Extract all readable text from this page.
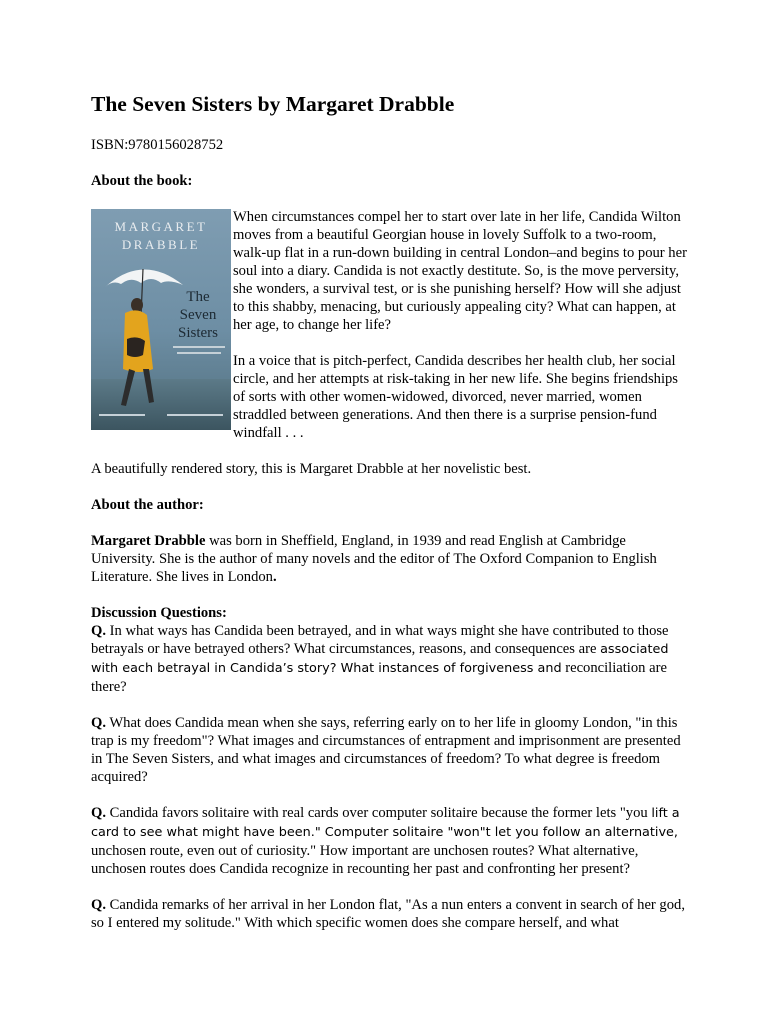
The Seven Sisters by Margaret Drabble

ISBN:9780156028752

About the book:

MARGARET
DRABBLE
The
Seven
Sisters

When circumstances compel her to start over late in her life, Candida Wilton moves from a beautiful Georgian house in lovely Suffolk to a two-room, walk-up flat in a run-down building in central London–and begins to pour her soul into a diary. Candida is not exactly destitute. So, is the move perversity, she wonders, a survival test, or is she punishing herself? How will she adjust to this shabby, menacing, but curiously appealing city? What can happen, at her age, to change her life?

In a voice that is pitch-perfect, Candida describes her health club, her social circle, and her attempts at risk-taking in her new life. She begins friendships of sorts with other women-widowed, divorced, never married, women straddled between generations. And then there is a surprise pension-fund windfall . . .

A beautifully rendered story, this is Margaret Drabble at her novelistic best.

About the author:

Margaret Drabble was born in Sheffield, England, in 1939 and read English at Cambridge University. She is the author of many novels and the editor of The Oxford Companion to English Literature. She lives in London.

Discussion Questions:

Q. In what ways has Candida been betrayed, and in what ways might she have contributed to those betrayals or have betrayed others? What circumstances, reasons, and consequences are associated with each betrayal in Candida’s story? What instances of forgiveness and reconciliation are there?

Q. What does Candida mean when she says, referring early on to her life in gloomy London, "in this trap is my freedom"? What images and circumstances of entrapment and imprisonment are presented in The Seven Sisters, and what images and circumstances of freedom? To what degree is freedom acquired?

Q. Candida favors solitaire with real cards over computer solitaire because the former lets "you lift a card to see what might have been." Computer solitaire "won"t let you follow an alternative, unchosen route, even out of curiosity." How important are unchosen routes? What alternative, unchosen routes does Candida recognize in recounting her past and confronting her present?

Q. Candida remarks of her arrival in her London flat, "As a nun enters a convent in search of her god, so I entered my solitude." With which specific women does she compare herself, and what
